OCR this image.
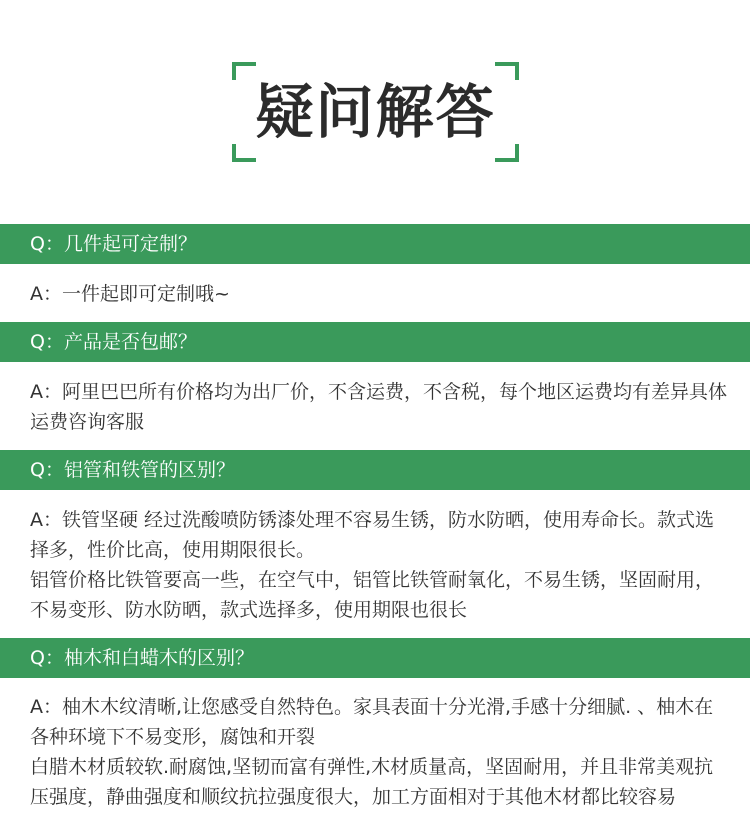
疑问解答
Q：几件起可定制？

A：一件起即可定制哦~

Q：产品是否包邮？

A：阿里巴巴所有价格均为出厂价，不含运费，不含税，每个地区运费均有差异具体运费咨询客服

Q：铝管和铁管的区别？

A：铁管坚硬 经过洗酸喷防锈漆处理不容易生锈，防水防晒，使用寿命长。款式选择多，性价比高，使用期限很长。

铝管价格比铁管要高一些，在空气中，铝管比铁管耐氧化，不易生锈，坚固耐用，不易变形、防水防晒，款式选择多，使用期限也很长

Q：柚木和白蜡木的区别？

A：柚木木纹清晰,让您感受自然特色。家具表面十分光滑,手感十分细腻. 、柚木在各种环境下不易变形，腐蚀和开裂

白腊木材质较软.耐腐蚀,坚韧而富有弹性,木材质量高，坚固耐用，并且非常美观抗压强度，静曲强度和顺纹抗拉强度很大，加工方面相对于其他木材都比较容易
